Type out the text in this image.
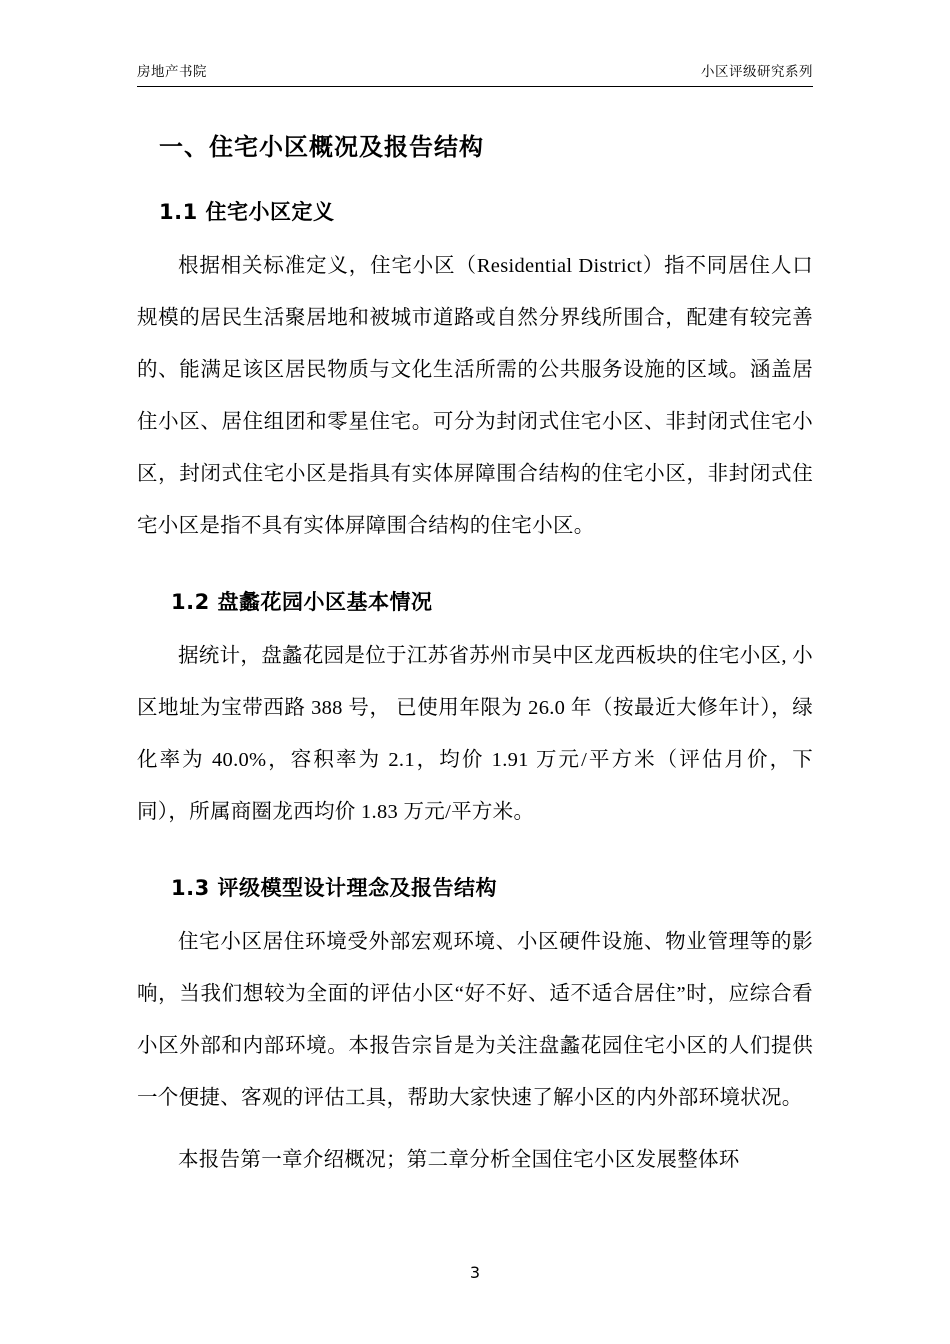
房地产书院	小区评级研究系列
一、住宅小区概况及报告结构
1.1 住宅小区定义

根据相关标准定义，住宅小区（Residential District）指不同居住人口规模的居民生活聚居地和被城市道路或自然分界线所围合，配建有较完善的、能满足该区居民物质与文化生活所需的公共服务设施的区域。涵盖居住小区、居住组团和零星住宅。可分为封闭式住宅小区、非封闭式住宅小区，封闭式住宅小区是指具有实体屏障围合结构的住宅小区，非封闭式住宅小区是指不具有实体屏障围合结构的住宅小区。

1.2 盘蠡花园小区基本情况

据统计，盘蠡花园是位于江苏省苏州市吴中区龙西板块的住宅小区, 小区地址为宝带西路 388 号， 已使用年限为 26.0 年（按最近大修年计），绿化率为 40.0%，容积率为 2.1，均价 1.91 万元/平方米（评估月价，下同），所属商圈龙西均价 1.83 万元/平方米。

1.3 评级模型设计理念及报告结构

住宅小区居住环境受外部宏观环境、小区硬件设施、物业管理等的影响，当我们想较为全面的评估小区“好不好、适不适合居住”时，应综合看小区外部和内部环境。本报告宗旨是为关注盘蠡花园住宅小区的人们提供一个便捷、客观的评估工具，帮助大家快速了解小区的内外部环境状况。

本报告第一章介绍概况；第二章分析全国住宅小区发展整体环

3
